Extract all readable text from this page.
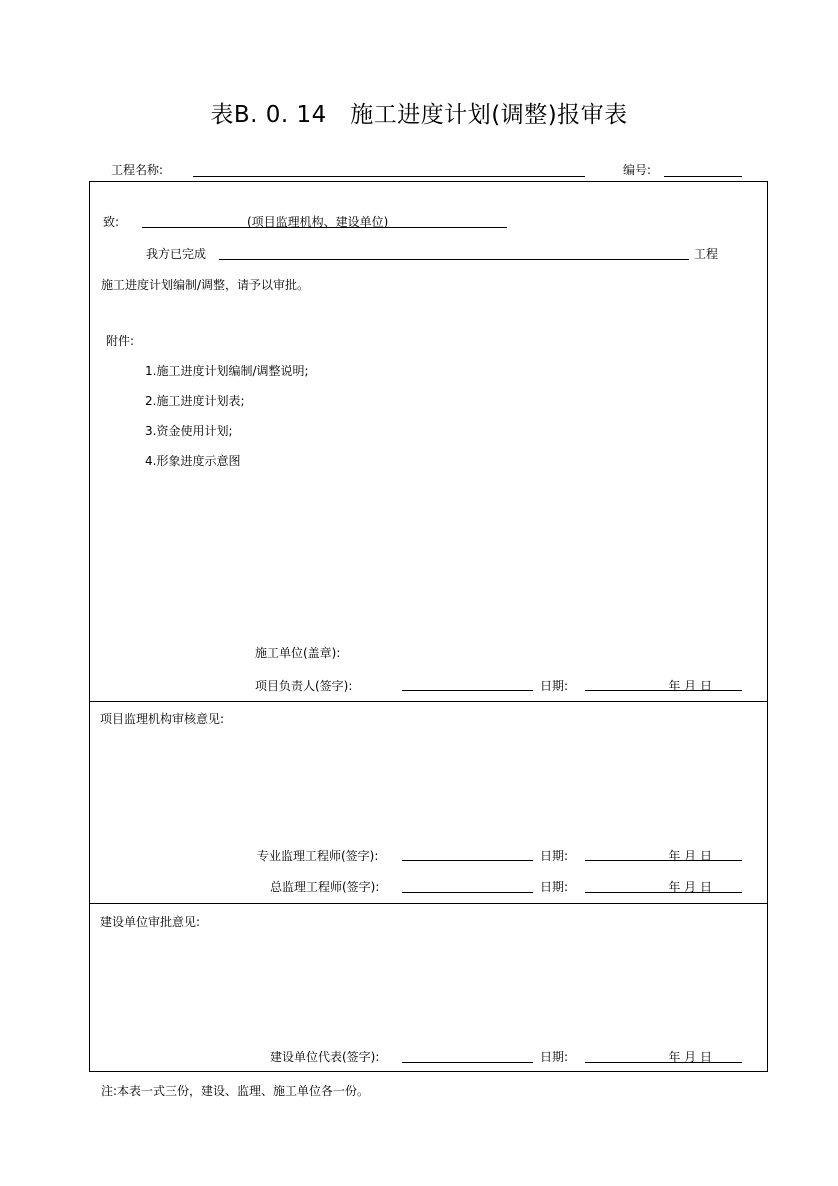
表B. 0. 14　施工进度计划(调整)报审表
工程名称:	编号:
致:	(项目监理机构、建设单位)
我方已完成	工程
施工进度计划编制/调整，请予以审批。
附件:
1.施工进度计划编制/调整说明;
2.施工进度计划表;
3.资金使用计划;
4.形象进度示意图
施工单位(盖章):
项目负责人(签字):	日期:	年 月 日
项目监理机构审核意见:
专业监理工程师(签字):	日期:	年 月 日
总监理工程师(签字):	日期:	年 月 日
建设单位审批意见:
建设单位代表(签字):	日期:	年 月 日
注:本表一式三份，建设、监理、施工单位各一份。
